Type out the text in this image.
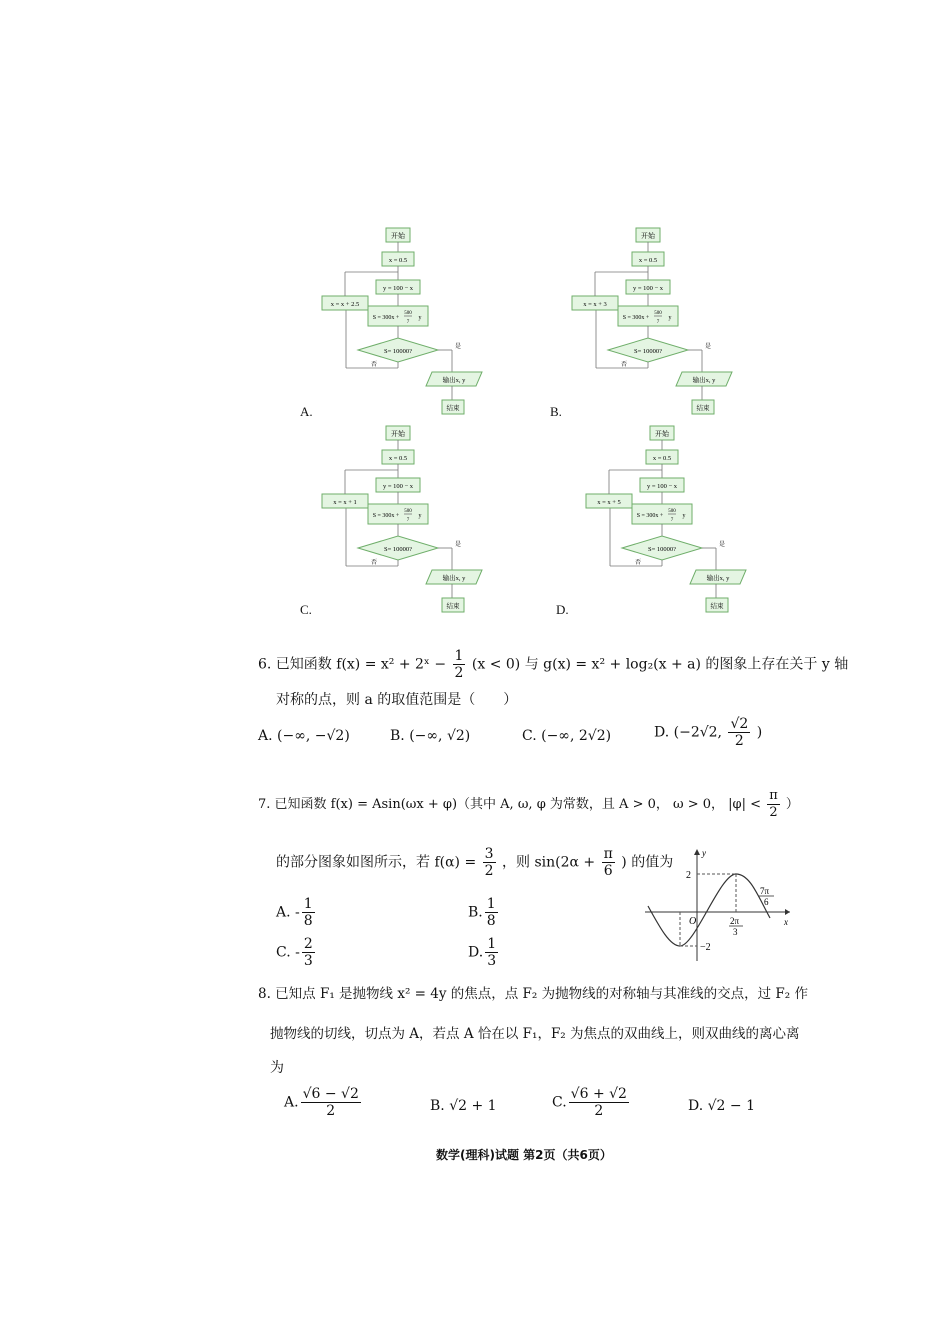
开始
x = 0.5
y = 100 − x
S = 300x +
500
7
y
S= 10000?
是
输出x, y
结束
否
x = x + 2.5
A.
开始
x = 0.5
y = 100 − x
S = 300x +
500
7
y
S= 10000?
是
输出x, y
结束
否
x = x + 3
B.
开始
x = 0.5
y = 100 − x
S = 300x +
500
7
y
S= 10000?
是
输出x, y
结束
否
x = x + 1
C.
开始
x = 0.5
y = 100 − x
S = 300x +
500
7
y
S= 10000?
是
输出x, y
结束
否
x = x + 5
D.
6. 已知函数 f(x) = x² + 2ˣ − $\frac{1}{2} (x < 0)$ 与 g(x) = x² + log₂(x + a) 的图象上存在关于 y 轴
对称的点，则 a 的取值范围是（　　）
A. (−∞, −√2)	B. (−∞, √2)	C. (−∞, 2√2)	D. (−2√2, $\frac{√2}{2}$ )
7. 已知函数 f(x) = Asin(ωx + φ)（其中 A, ω, φ 为常数，且 A > 0， ω > 0， $|\varphi| < \frac{\pi}{2}$ ）
的部分图象如图所示，若 $f(\alpha) = \frac{3}{2}$ ，则 $\sin(2\alpha + \frac{\pi}{6}$ ) 的值为
A. - $\frac{1}{8}$	B. $\frac{1}{8}$
C. - $\frac{2}{3}$	D. $\frac{1}{3}$
2
−2
O	x
y
2π
3
7π
6
8. 已知点 F₁ 是抛物线 x² = 4y 的焦点，点 F₂ 为抛物线的对称轴与其准线的交点，过 F₂ 作
抛物线的切线，切点为 A，若点 A 恰在以 F₁，F₂ 为焦点的双曲线上，则双曲线的离心离
为
A. $\frac{√6 - √2}{2}$	B. √2 + 1	C. $\frac{√6 + √2}{2}$	D. √2 − 1
数学(理科)试题 第2页（共6页）
